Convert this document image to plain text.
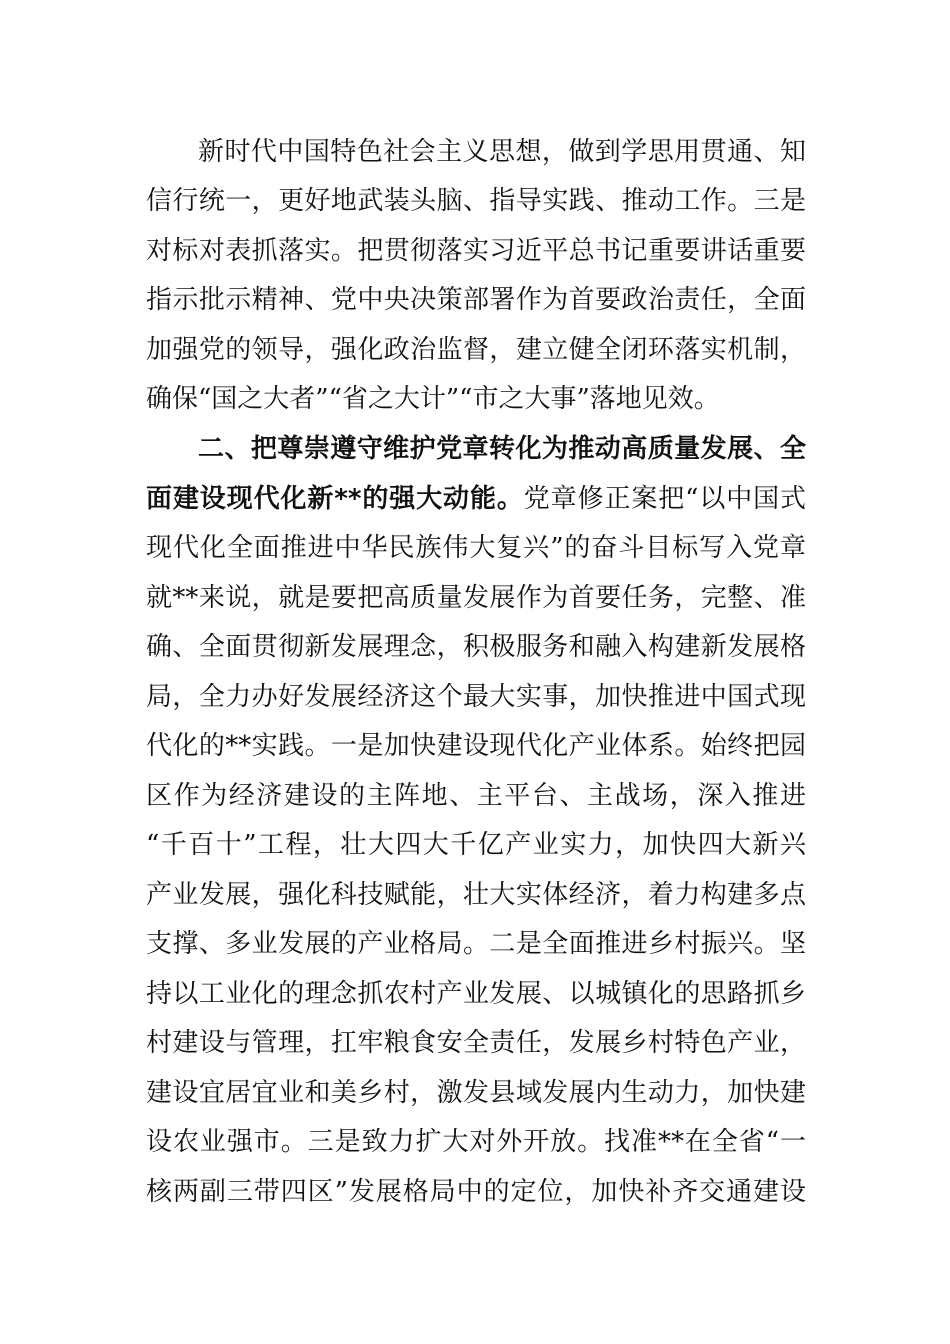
新时代中国特色社会主义思想，做到学思用贯通、知
信行统一，更好地武装头脑、指导实践、推动工作。三是
对标对表抓落实。把贯彻落实习近平总书记重要讲话重要
指示批示精神、党中央决策部署作为首要政治责任，全面
加强党的领导，强化政治监督，建立健全闭环落实机制，
确保“国之大者”“省之大计”“市之大事”落地见效。
二、把尊崇遵守维护党章转化为推动高质量发展、全
面建设现代化新**的强大动能。党章修正案把“以中国式
现代化全面推进中华民族伟大复兴”的奋斗目标写入党章
就**来说，就是要把高质量发展作为首要任务，完整、准
确、全面贯彻新发展理念，积极服务和融入构建新发展格
局，全力办好发展经济这个最大实事，加快推进中国式现
代化的**实践。一是加快建设现代化产业体系。始终把园
区作为经济建设的主阵地、主平台、主战场，深入推进
“千百十”工程，壮大四大千亿产业实力，加快四大新兴
产业发展，强化科技赋能，壮大实体经济，着力构建多点
支撑、多业发展的产业格局。二是全面推进乡村振兴。坚
持以工业化的理念抓农村产业发展、以城镇化的思路抓乡
村建设与管理，扛牢粮食安全责任，发展乡村特色产业，
建设宜居宜业和美乡村，激发县域发展内生动力，加快建
设农业强市。三是致力扩大对外开放。找准**在全省“一
核两副三带四区”发展格局中的定位，加快补齐交通建设
